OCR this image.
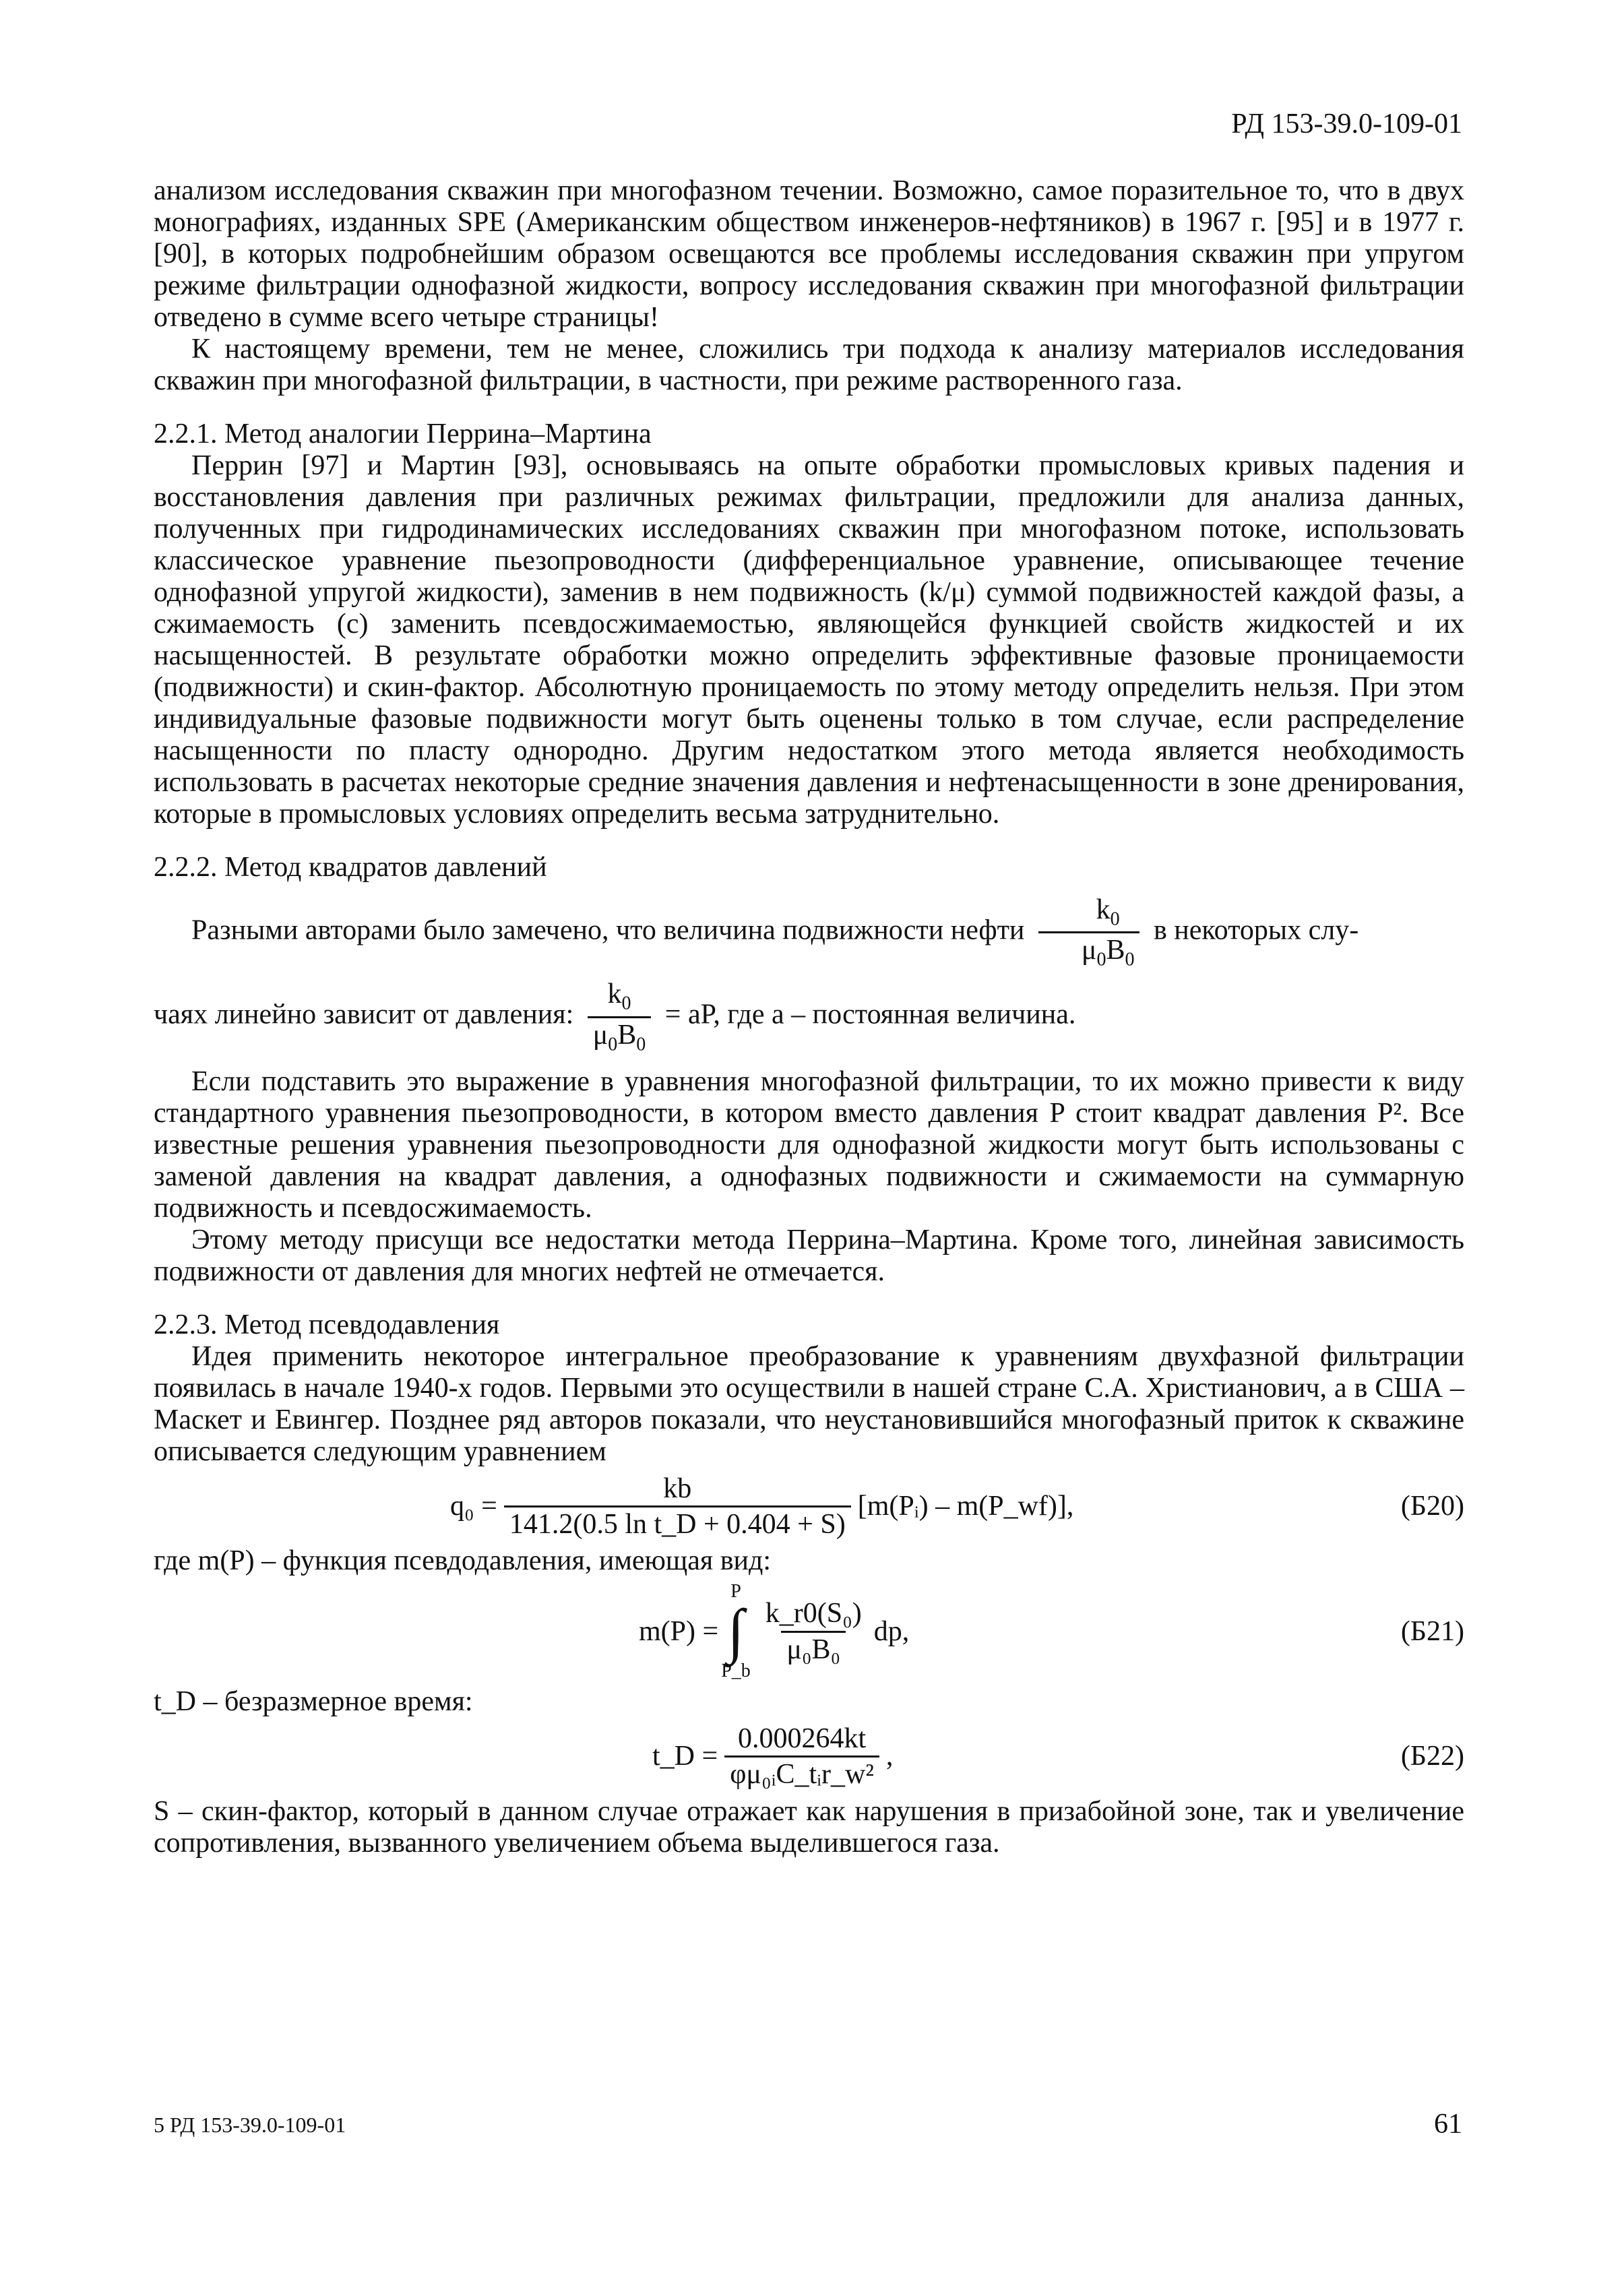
РД 153-39.0-109-01

анализом исследования скважин при многофазном течении. Возможно, самое поразительное то, что в двух монографиях, изданных SPE (Американским обществом инженеров-нефтяников) в 1967 г. [95] и в 1977 г. [90], в которых подробнейшим образом освещаются все проблемы исследования скважин при упругом режиме фильтрации однофазной жидкости, вопросу исследования скважин при многофазной фильтрации отведено в сумме всего четыре страницы!

К настоящему времени, тем не менее, сложились три подхода к анализу материалов исследования скважин при многофазной фильтрации, в частности, при режиме растворенного газа.

2.2.1. Метод аналогии Перрина–Мартина

Перрин [97] и Мартин [93], основываясь на опыте обработки промысловых кривых падения и восстановления давления при различных режимах фильтрации, предложили для анализа данных, полученных при гидродинамических исследованиях скважин при многофазном потоке, использовать классическое уравнение пьезопроводности (дифференциальное уравнение, описывающее течение однофазной упругой жидкости), заменив в нем подвижность (k/μ) суммой подвижностей каждой фазы, а сжимаемость (c) заменить псевдосжимаемостью, являющейся функцией свойств жидкостей и их насыщенностей. В результате обработки можно определить эффективные фазовые проницаемости (подвижности) и скин-фактор. Абсолютную проницаемость по этому методу определить нельзя. При этом индивидуальные фазовые подвижности могут быть оценены только в том случае, если распределение насыщенности по пласту однородно. Другим недостатком этого метода является необходимость использовать в расчетах некоторые средние значения давления и нефтенасыщенности в зоне дренирования, которые в промысловых условиях определить весьма затруднительно.

2.2.2. Метод квадратов давлений

Разными авторами было замечено, что величина подвижности нефти $\frac{k_0}{\mu_0B_0}$ в некоторых слу-

чаях линейно зависит от давления: $\frac{k_0}{\mu_0B_0}$ = aP, где a – постоянная величина.

Если подставить это выражение в уравнения многофазной фильтрации, то их можно привести к виду стандартного уравнения пьезопроводности, в котором вместо давления P стоит квадрат давления P². Все известные решения уравнения пьезопроводности для однофазной жидкости могут быть использованы с заменой давления на квадрат давления, а однофазных подвижности и сжимаемости на суммарную подвижность и псевдосжимаемость.

Этому методу присущи все недостатки метода Перрина–Мартина. Кроме того, линейная зависимость подвижности от давления для многих нефтей не отмечается.

2.2.3. Метод псевдодавления

Идея применить некоторое интегральное преобразование к уравнениям двухфазной фильтрации появилась в начале 1940-х годов. Первыми это осуществили в нашей стране С.А. Христианович, а в США – Маскет и Евингер. Позднее ряд авторов показали, что неустановившийся многофазный приток к скважине описывается следующим уравнением

$q_0 = \frac{kb}{\text{141.2(0.5 ln t\_D + 0.404 + S)}}$ [m(Pᵢ) – m(P_wf)],	(Б20)

где m(P) – функция псевдодавления, имеющая вид:

m(P) =
P
∫
P_b
$\frac{\text{k\_r0(S₀)}}{\text{μ₀B₀}}$ dp,	(Б21)

t_D – безразмерное время:

t_D = $\frac{0.000264kt}{\text{φμ₀ᵢC\_tᵢr\_w²}}$ ,	(Б22)

S – скин-фактор, который в данном случае отражает как нарушения в призабойной зоне, так и увеличение сопротивления, вызванного увеличением объема выделившегося газа.

5 РД 153-39.0-109-01	61
